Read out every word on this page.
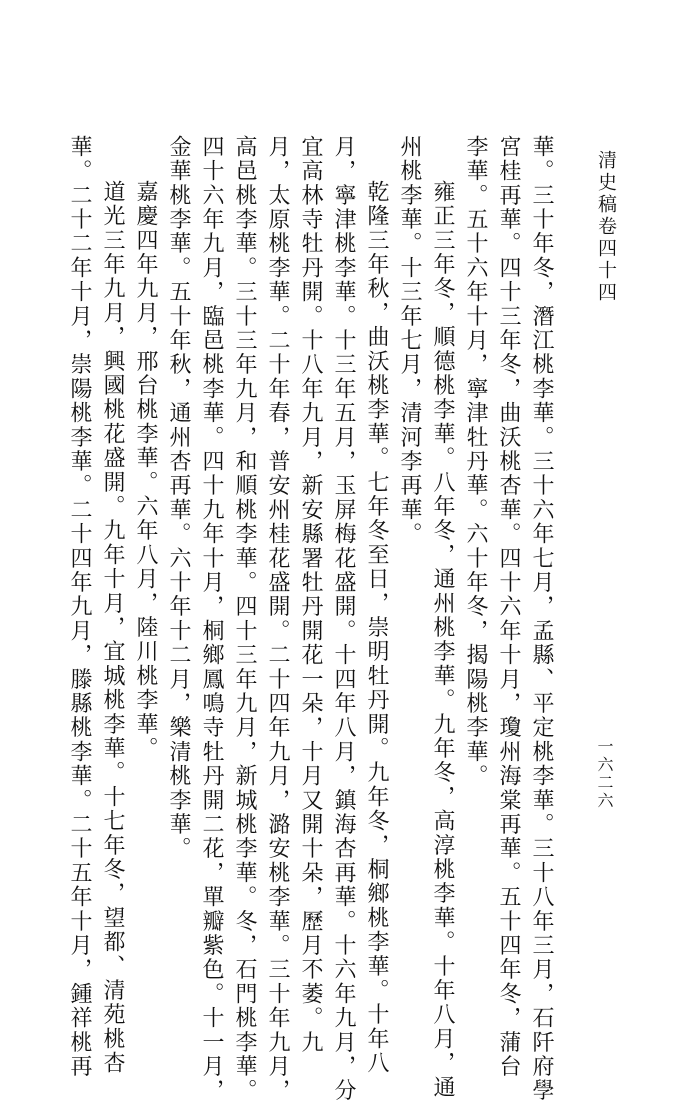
清史稿卷四十四
一六二六
華。三十年冬，潛江桃李華。三十六年七月，孟縣、平定桃李華。三十八年三月，石阡府學
宮桂再華。四十三年冬，曲沃桃杏華。四十六年十月，瓊州海棠再華。五十四年冬，蒲台
李華。五十六年十月，寧津牡丹華。六十年冬，揭陽桃李華。
雍正三年冬，順德桃李華。八年冬，通州桃李華。九年冬，高淳桃李華。十年八月，通
州桃李華。十三年七月，清河李再華。
乾隆三年秋，曲沃桃李華。七年冬至日，崇明牡丹開。九年冬，桐鄉桃李華。十年八
月，寧津桃李華。十三年五月，玉屏梅花盛開。十四年八月，鎮海杏再華。十六年九月，分
宜高林寺牡丹開。十八年九月，新安縣署牡丹開花一朵，十月又開十朵，歷月不萎。九
月，太原桃李華。二十年春，普安州桂花盛開。二十四年九月，潞安桃李華。三十年九月，
高邑桃李華。三十三年九月，和順桃李華。四十三年九月，新城桃李華。冬，石門桃李華。
四十六年九月，臨邑桃李華。四十九年十月，桐鄉鳳鳴寺牡丹開二花，單瓣紫色。十一月，
金華桃李華。五十年秋，通州杏再華。六十年十二月，樂清桃李華。
嘉慶四年九月，邢台桃李華。六年八月，陸川桃李華。
道光三年九月，興國桃花盛開。九年十月，宜城桃李華。十七年冬，望都、清苑桃杏
華。二十二年十月，崇陽桃李華。二十四年九月，滕縣桃李華。二十五年十月，鍾祥桃再
